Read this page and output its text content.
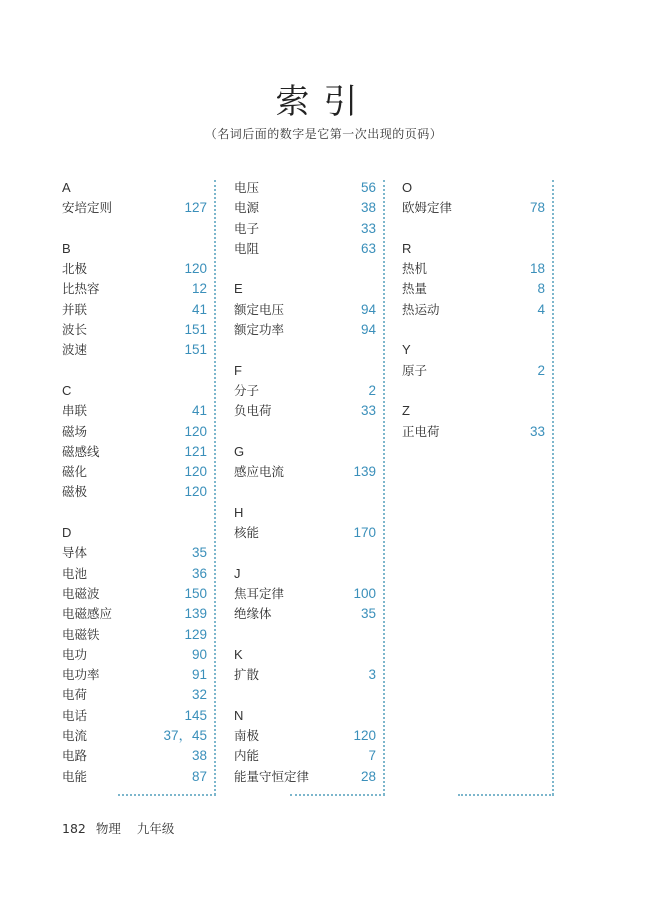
索引
（名词后面的数字是它第一次出现的页码）
A
安培定则	127
B
北极	120
比热容	12
并联	41
波长	151
波速	151
C
串联	41
磁场	120
磁感线	121
磁化	120
磁极	120
D
导体	35
电池	36
电磁波	150
电磁感应	139
电磁铁	129
电功	90
电功率	91
电荷	32
电话	145
电流	37，45
电路	38
电能	87
电压	56
电源	38
电子	33
电阻	63
E
额定电压	94
额定功率	94
F
分子	2
负电荷	33
G
感应电流	139
H
核能	170
J
焦耳定律	100
绝缘体	35
K
扩散	3
N
南极	120
内能	7
能量守恒定律	28
O
欧姆定律	78
R
热机	18
热量	8
热运动	4
Y
原子	2
Z
正电荷	33
182 物理 九年级
